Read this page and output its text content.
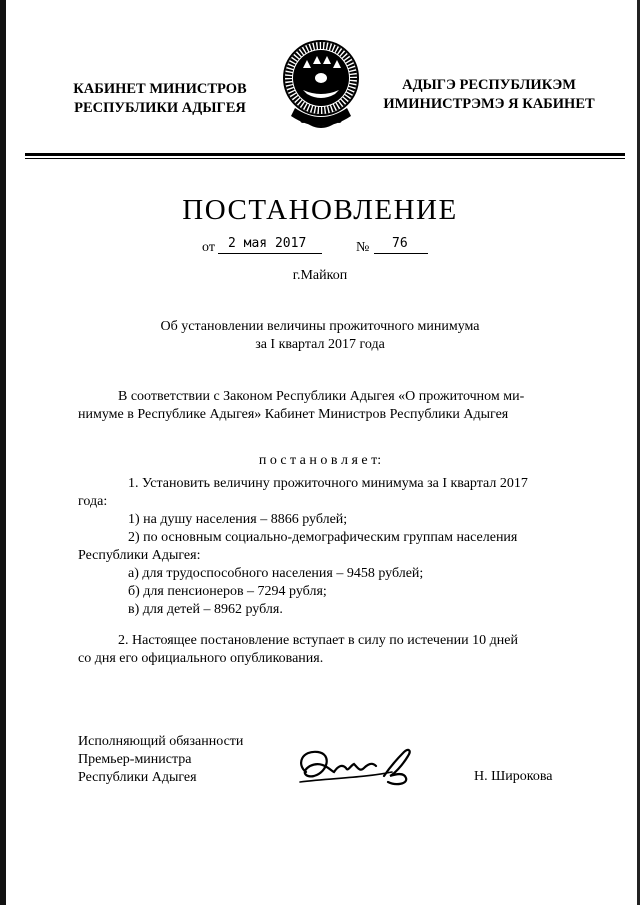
КАБИНЕТ МИНИСТРОВ
РЕСПУБЛИКИ АДЫГЕЯ
АДЫГЭ РЕСПУБЛИКЭМ
ИМИНИСТРЭМЭ Я КАБИНЕТ
ПОСТАНОВЛЕНИЕ
от 2 мая 2017	№ 76
г.Майкоп
Об установлении величины прожиточного минимума
за I квартал 2017 года
В соответствии с Законом Республики Адыгея «О прожиточном ми-
нимуме в Республике Адыгея» Кабинет Министров Республики Адыгея
п о с т а н о в л я е т:
1. Установить величину прожиточного минимума за I квартал 2017
года:
1) на душу населения – 8866 рублей;
2) по основным социально-демографическим группам населения
Республики Адыгея:
а) для трудоспособного населения – 9458 рублей;
б) для пенсионеров – 7294 рубля;
в) для детей – 8962 рубля.
2. Настоящее постановление вступает в силу по истечении 10 дней
со дня его официального опубликования.
Исполняющий обязанности
Премьер-министра
Республики Адыгея	Н. Широкова
